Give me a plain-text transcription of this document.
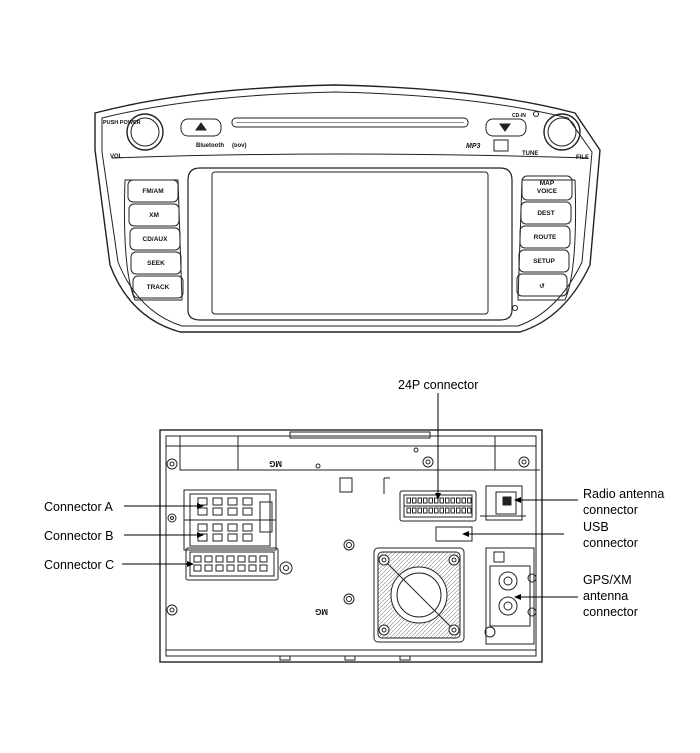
PUSH POWER
VOL
CD-IN
Bluetooth (ᴅᴏᴠ)	MP3
TUNE
FILE
FM/AM
XM
CD/AUX
SEEK
TRACK
MAP
VOICE
DEST
ROUTE
SETUP
↺
MG
MG
24P connector
Connector A
Connector B
Connector C
Radio antenna
connector
USB
connector
GPS/XM
antenna
connector
